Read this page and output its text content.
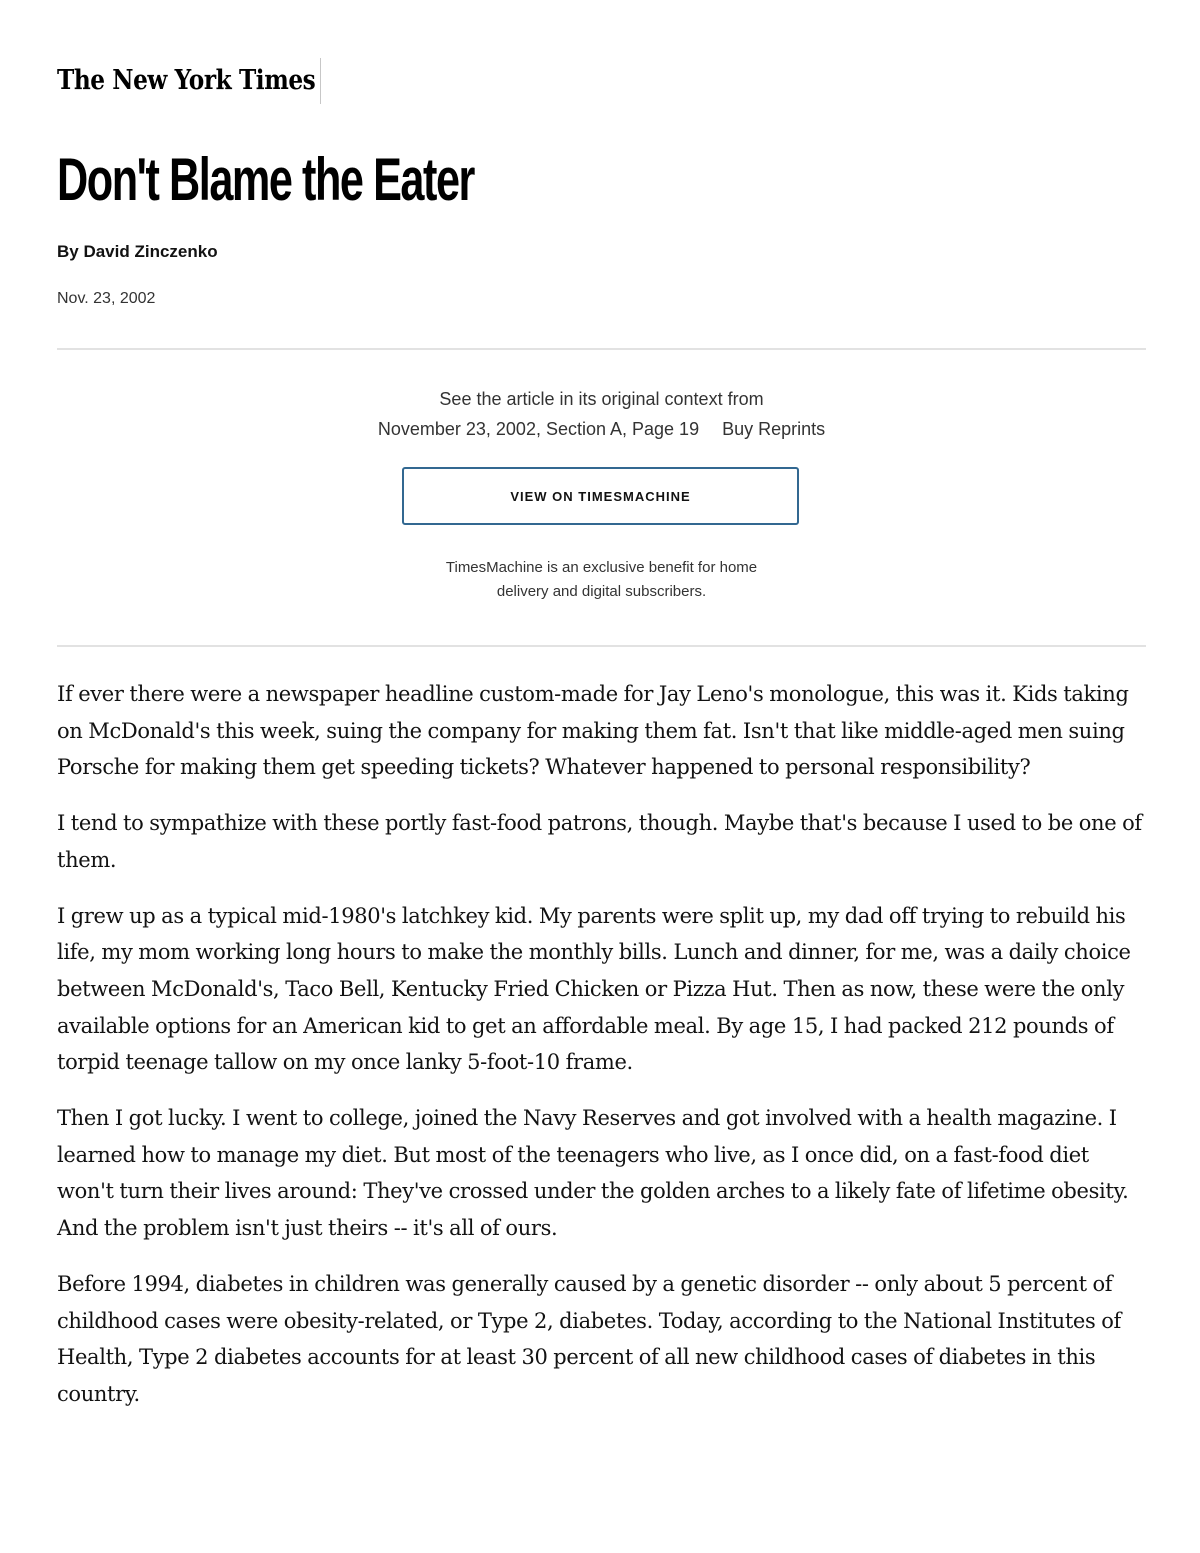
The New York Times
Don't Blame the Eater
By David Zinczenko
Nov. 23, 2002
See the article in its original context from
November 23, 2002, Section A, Page 19 Buy Reprints
VIEW ON TIMESMACHINE
TimesMachine is an exclusive benefit for home
delivery and digital subscribers.

If ever there were a newspaper headline custom-made for Jay Leno's monologue, this was it. Kids taking on McDonald's this week, suing the company for making them fat. Isn't that like middle-aged men suing Porsche for making them get speeding tickets? Whatever happened to personal responsibility?

I tend to sympathize with these portly fast-food patrons, though. Maybe that's because I used to be one of them.

I grew up as a typical mid-1980's latchkey kid. My parents were split up, my dad off trying to rebuild his life, my mom working long hours to make the monthly bills. Lunch and dinner, for me, was a daily choice between McDonald's, Taco Bell, Kentucky Fried Chicken or Pizza Hut. Then as now, these were the only available options for an American kid to get an affordable meal. By age 15, I had packed 212 pounds of torpid teenage tallow on my once lanky 5-foot-10 frame.

Then I got lucky. I went to college, joined the Navy Reserves and got involved with a health magazine. I learned how to manage my diet. But most of the teenagers who live, as I once did, on a fast-food diet won't turn their lives around: They've crossed under the golden arches to a likely fate of lifetime obesity. And the problem isn't just theirs -- it's all of ours.

Before 1994, diabetes in children was generally caused by a genetic disorder -- only about 5 percent of childhood cases were obesity-related, or Type 2, diabetes. Today, according to the National Institutes of Health, Type 2 diabetes accounts for at least 30 percent of all new childhood cases of diabetes in this country.
